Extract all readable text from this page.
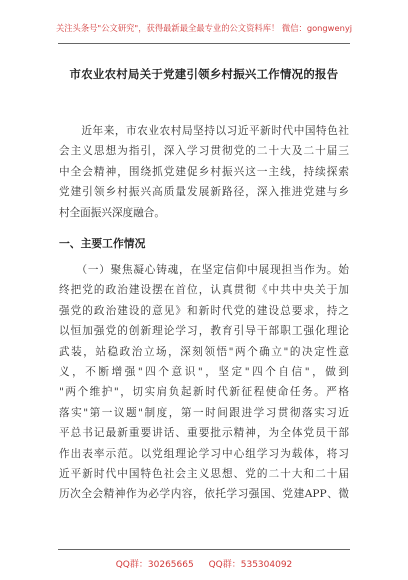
关注头条号"公文研究"，获得最新最全最专业的公文资料库！ 微信：gongwenyj
市农业农村局关于党建引领乡村振兴工作情况的报告
　　近年来，市农业农村局坚持以习近平新时代中国特色社
会主义思想为指引，深入学习贯彻党的二十大及二十届三
中全会精神，围绕抓党建促乡村振兴这一主线，持续探索
党建引领乡村振兴高质量发展新路径，深入推进党建与乡
村全面振兴深度融合。
一、主要工作情况
　　（一）聚焦凝心铸魂，在坚定信仰中展现担当作为。始
终把党的政治建设摆在首位，认真贯彻《中共中央关于加
强党的政治建设的意见》和新时代党的建设总要求，持之
以恒加强党的创新理论学习，教育引导干部职工强化理论
武装，站稳政治立场，深刻领悟"两个确立"的决定性意
义，不断增强"四个意识"，坚定"四个自信"，做到
"两个维护"，切实肩负起新时代新征程使命任务。严格
落实"第一议题"制度，第一时间跟进学习贯彻落实习近
平总书记最新重要讲话、重要批示精神，为全体党员干部
作出表率示范。以党组理论学习中心组学习为载体，将习
近平新时代中国特色社会主义思想、党的二十大和二十届
历次全会精神作为必学内容，依托学习强国、党建APP、微
QQ群：30265665 QQ群：535304092
